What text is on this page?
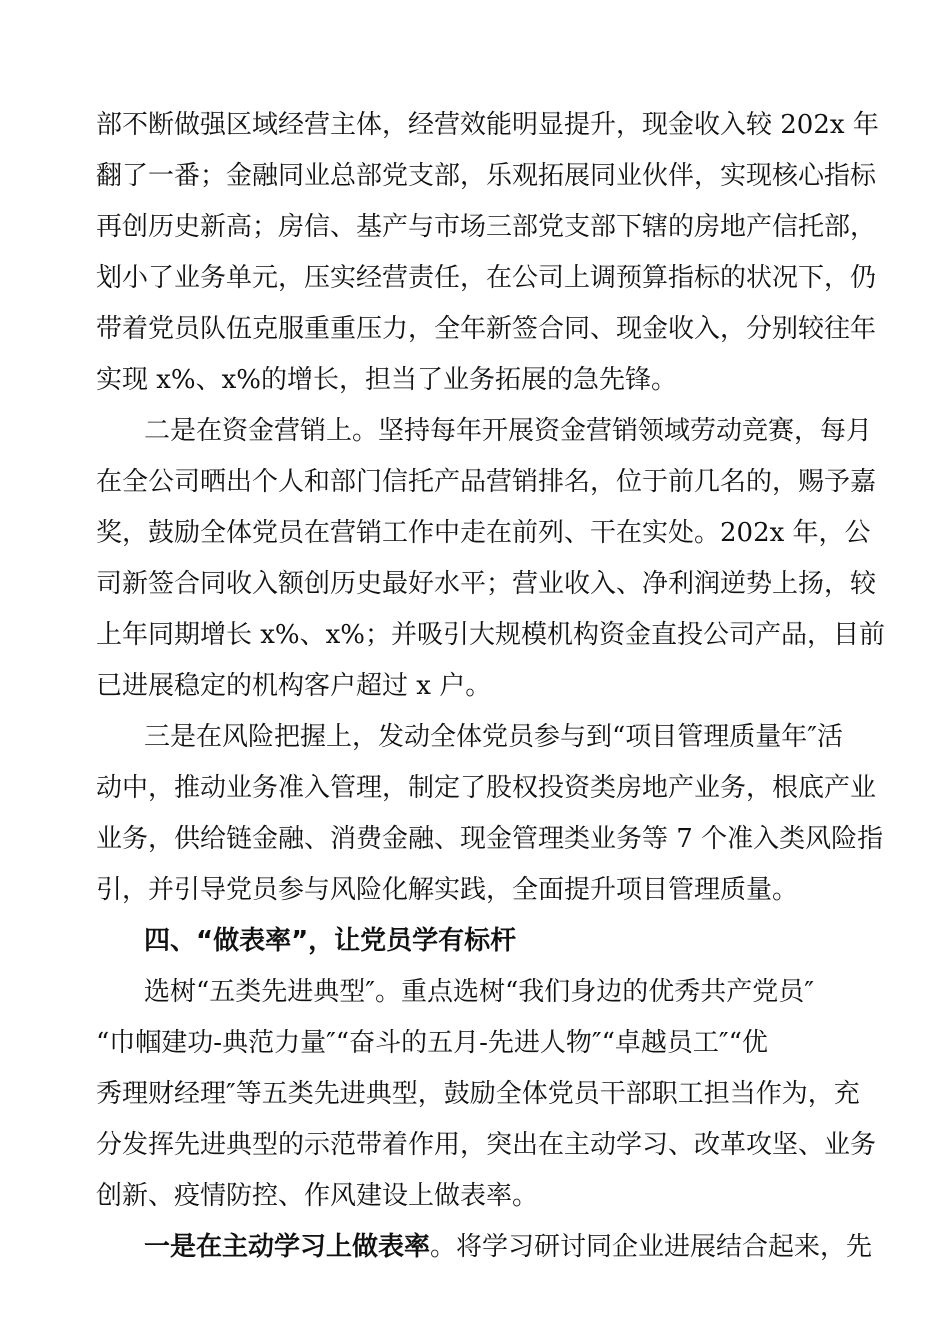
部不断做强区域经营主体，经营效能明显提升，现金收入较 202x 年
翻了一番；金融同业总部党支部，乐观拓展同业伙伴，实现核心指标
再创历史新高；房信、基产与市场三部党支部下辖的房地产信托部，
划小了业务单元，压实经营责任，在公司上调预算指标的状况下，仍
带着党员队伍克服重重压力，全年新签合同、现金收入，分别较往年
实现 x%、x%的增长，担当了业务拓展的急先锋。
二是在资金营销上。坚持每年开展资金营销领域劳动竞赛，每月
在全公司晒出个人和部门信托产品营销排名，位于前几名的，赐予嘉
奖，鼓励全体党员在营销工作中走在前列、干在实处。202x 年，公
司新签合同收入额创历史最好水平；营业收入、净利润逆势上扬，较
上年同期增长 x%、x%；并吸引大规模机构资金直投公司产品，目前
已进展稳定的机构客户超过 x 户。
三是在风险把握上，发动全体党员参与到“项目管理质量年″活
动中，推动业务准入管理，制定了股权投资类房地产业务，根底产业
业务，供给链金融、消费金融、现金管理类业务等 7 个准入类风险指
引，并引导党员参与风险化解实践，全面提升项目管理质量。
四、“做表率”，让党员学有标杆
选树“五类先进典型″。重点选树“我们身边的优秀共产党员″
“巾帼建功-典范力量″“奋斗的五月-先进人物″“卓越员工″“优
秀理财经理″等五类先进典型，鼓励全体党员干部职工担当作为，充
分发挥先进典型的示范带着作用，突出在主动学习、改革攻坚、业务
创新、疫情防控、作风建设上做表率。
一是在主动学习上做表率。将学习研讨同企业进展结合起来，先
